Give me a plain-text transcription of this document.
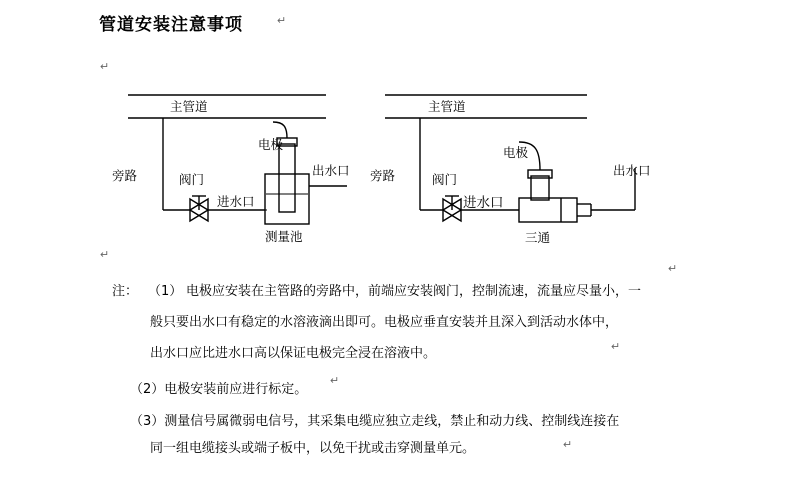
管道安装注意事项	↵
↵
↵
↵
↵
↵
↵
主管道
旁路	阀门
电极
进水口
出水口
测量池
主管道
旁路	阀门
电极
进水口
出水口
三通
注： （1） 电极应安装在主管路的旁路中，前端应安装阀门，控制流速，流量应尽量小，一
般只要出水口有稳定的水溶液滴出即可。电极应垂直安装并且深入到活动水体中，
出水口应比进水口高以保证电极完全浸在溶液中。
（2）电极安装前应进行标定。
（3）测量信号属微弱电信号，其采集电缆应独立走线，禁止和动力线、控制线连接在
同一组电缆接头或端子板中，以免干扰或击穿测量单元。
